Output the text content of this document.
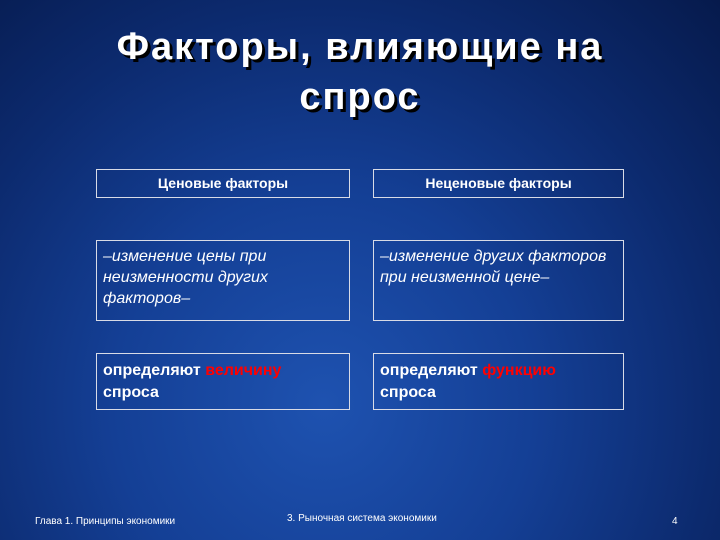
Факторы, влияющие на
спрос
Ценовые факторы
–изменение цены при неизменности других факторов–
определяют величину
спроса
Неценовые факторы
–изменение других факторов при неизменной цене–
определяют функцию
спроса
Глава 1. Принципы экономики	3. Рыночная система экономики	4
